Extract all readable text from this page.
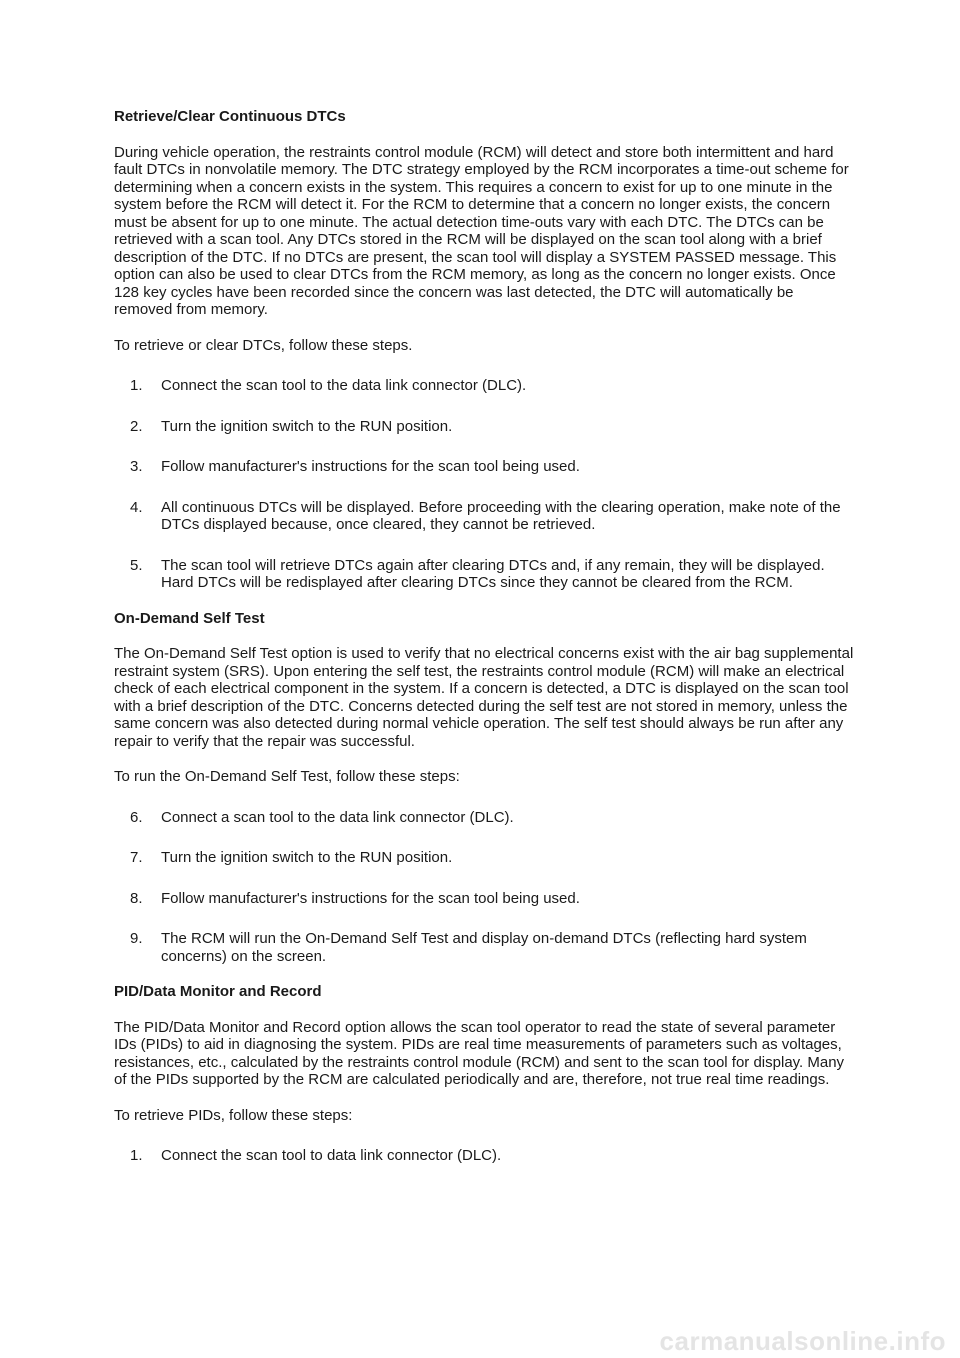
Retrieve/Clear Continuous DTCs

During vehicle operation, the restraints control module (RCM) will detect and store both intermittent and hard fault DTCs in nonvolatile memory. The DTC strategy employed by the RCM incorporates a time-out scheme for determining when a concern exists in the system. This requires a concern to exist for up to one minute in the system before the RCM will detect it. For the RCM to determine that a concern no longer exists, the concern must be absent for up to one minute. The actual detection time-outs vary with each DTC. The DTCs can be retrieved with a scan tool. Any DTCs stored in the RCM will be displayed on the scan tool along with a brief description of the DTC. If no DTCs are present, the scan tool will display a SYSTEM PASSED message. This option can also be used to clear DTCs from the RCM memory, as long as the concern no longer exists. Once 128 key cycles have been recorded since the concern was last detected, the DTC will automatically be removed from memory.

To retrieve or clear DTCs, follow these steps.

1.	Connect the scan tool to the data link connector (DLC).
2.	Turn the ignition switch to the RUN position.
3.	Follow manufacturer's instructions for the scan tool being used.
4.	All continuous DTCs will be displayed. Before proceeding with the clearing operation, make note of the DTCs displayed because, once cleared, they cannot be retrieved.
5.	The scan tool will retrieve DTCs again after clearing DTCs and, if any remain, they will be displayed. Hard DTCs will be redisplayed after clearing DTCs since they cannot be cleared from the RCM.
On-Demand Self Test

The On-Demand Self Test option is used to verify that no electrical concerns exist with the air bag supplemental restraint system (SRS). Upon entering the self test, the restraints control module (RCM) will make an electrical check of each electrical component in the system. If a concern is detected, a DTC is displayed on the scan tool with a brief description of the DTC. Concerns detected during the self test are not stored in memory, unless the same concern was also detected during normal vehicle operation. The self test should always be run after any repair to verify that the repair was successful.

To run the On-Demand Self Test, follow these steps:

6.	Connect a scan tool to the data link connector (DLC).
7.	Turn the ignition switch to the RUN position.
8.	Follow manufacturer's instructions for the scan tool being used.
9.	The RCM will run the On-Demand Self Test and display on-demand DTCs (reflecting hard system concerns) on the screen.
PID/Data Monitor and Record

The PID/Data Monitor and Record option allows the scan tool operator to read the state of several parameter IDs (PIDs) to aid in diagnosing the system. PIDs are real time measurements of parameters such as voltages, resistances, etc., calculated by the restraints control module (RCM) and sent to the scan tool for display. Many of the PIDs supported by the RCM are calculated periodically and are, therefore, not true real time readings.

To retrieve PIDs, follow these steps:

1.	Connect the scan tool to data link connector (DLC).
carmanualsonline.info
